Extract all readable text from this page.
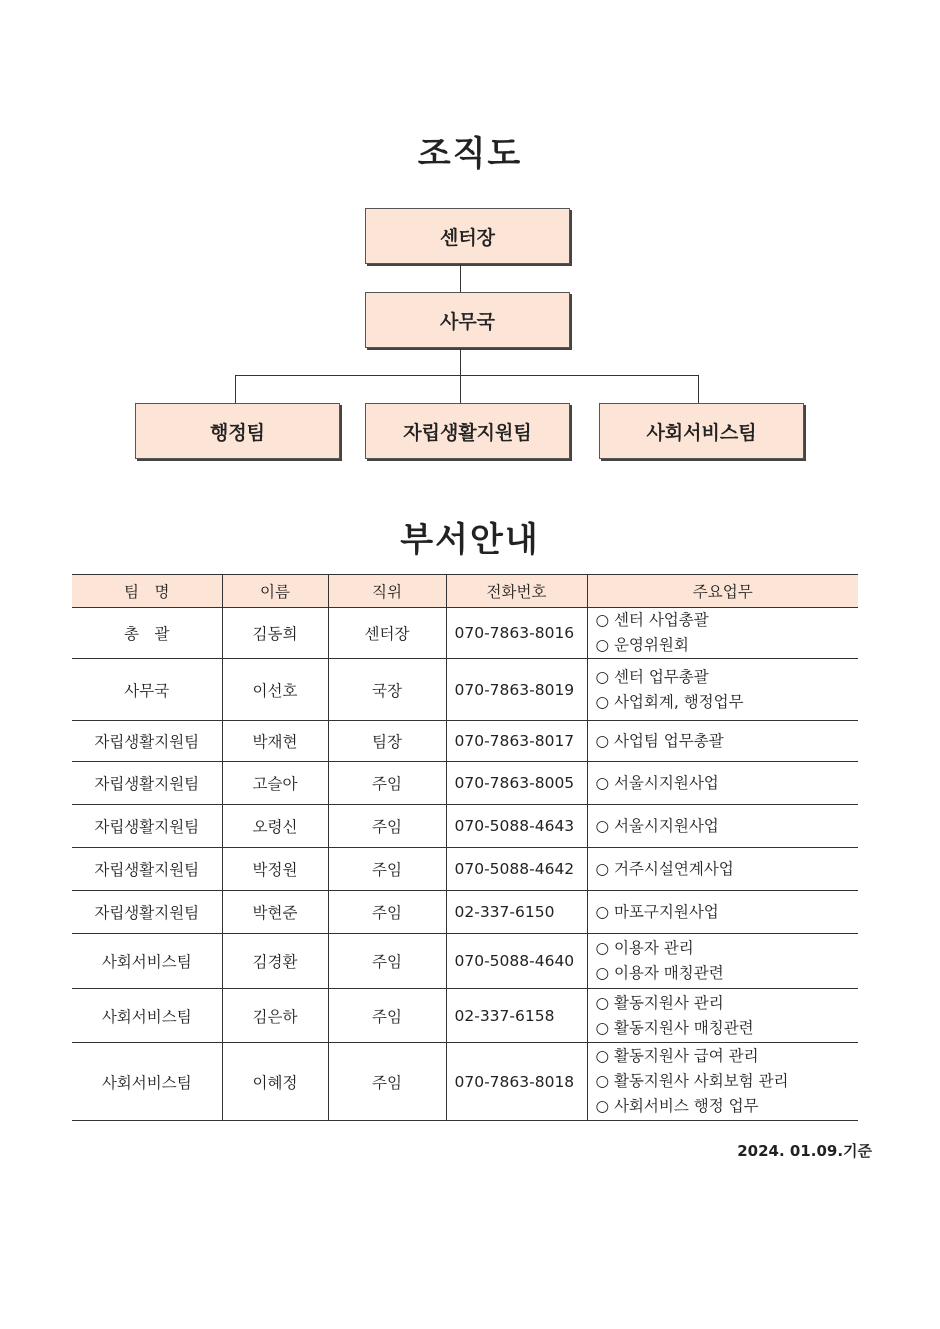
조직도
센터장
사무국
행정팀	자립생활지원팀	사회서비스팀
부서안내
팀　명	이름	직위	전화번호	주요업무
총　괄	김동희	센터장	070-7863-8016	○ 센터 사업총괄
○ 운영위원회

사무국	이선호	국장	070-7863-8019	○ 센터 업무총괄
○ 사업회계, 행정업무

자립생활지원팀	박재현	팀장	070-7863-8017	○ 사업팀 업무총괄

자립생활지원팀	고슬아	주임	070-7863-8005	○ 서울시지원사업

자립생활지원팀	오령신	주임	070-5088-4643	○ 서울시지원사업

자립생활지원팀	박정원	주임	070-5088-4642	○ 거주시설연계사업

자립생활지원팀	박현준	주임	02-337-6150	○ 마포구지원사업

사회서비스팀	김경환	주임	070-5088-4640	○ 이용자 관리
○ 이용자 매칭관련

사회서비스팀	김은하	주임	02-337-6158	○ 활동지원사 관리
○ 활동지원사 매칭관련

사회서비스팀	이혜정	주임	070-7863-8018	○ 활동지원사 급여 관리
○ 활동지원사 사회보험 관리
○ 사회서비스 행정 업무
2024. 01.09.기준
